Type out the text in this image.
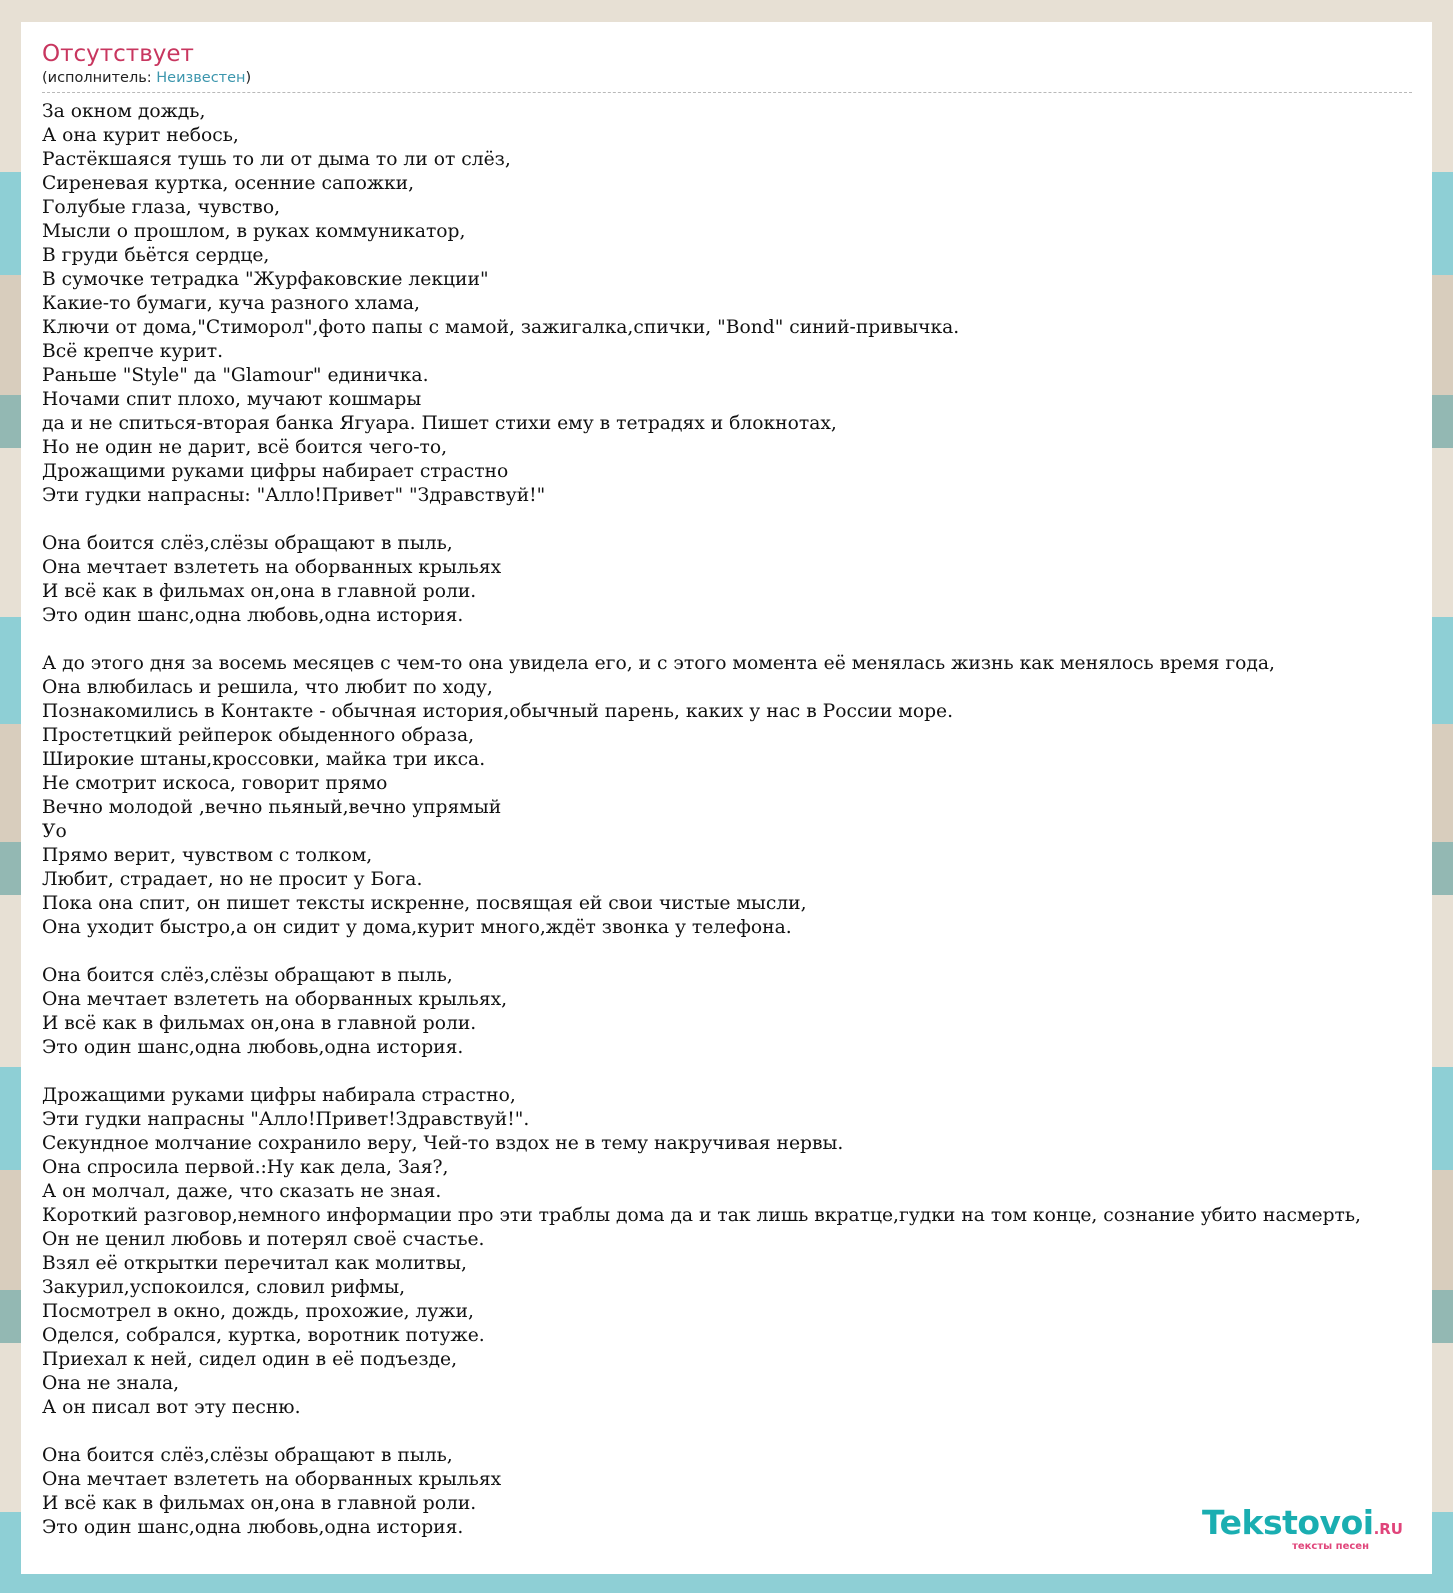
Отсутствует
(исполнитель: Неизвестен)
За окном дождь,
А она курит небось,
Растёкшаяся тушь то ли от дыма то ли от слёз,
Сиреневая куртка, осенние сапожки,
Голубые глаза, чувство,
Мысли о прошлом, в руках коммуникатор,
В груди бьётся сердце,
В сумочке тетрадка "Журфаковские лекции"
Какие-то бумаги, куча разного хлама,
Ключи от дома,"Стиморол",фото папы с мамой, зажигалка,спички, "Bond" синий-привычка.
Всё крепче курит.
Раньше "Style" да "Glamour" единичка.
Ночами спит плохо, мучают кошмары
да и не спиться-вторая банка Ягуара. Пишет стихи ему в тетрадях и блокнотах,
Но не один не дарит, всё боится чего-то,
Дрожащими руками цифры набирает страстно
Эти гудки напрасны: "Алло!Привет" "Здравствуй!"

Она боится слёз,слёзы обращают в пыль,
Она мечтает взлететь на оборванных крыльях
И всё как в фильмах он,она в главной роли.
Это один шанс,одна любовь,одна история.

А до этого дня за восемь месяцев с чем-то она увидела его, и с этого момента её менялась жизнь как менялось время года,
Она влюбилась и решила, что любит по ходу,
Познакомились в Контакте - обычная история,обычный парень, каких у нас в России море.
Простетцкий рейперок обыденного образа,
Широкие штаны,кроссовки, майка три икса.
Не смотрит искоса, говорит прямо
Вечно молодой ,вечно пьяный,вечно упрямый
Уо
Прямо верит, чувством с толком,
Любит, страдает, но не просит у Бога.
Пока она спит, он пишет тексты искренне, посвящая ей свои чистые мысли,
Она уходит быстро,а он сидит у дома,курит много,ждёт звонка у телефона.

Она боится слёз,слёзы обращают в пыль,
Она мечтает взлететь на оборванных крыльях,
И всё как в фильмах он,она в главной роли.
Это один шанс,одна любовь,одна история.

Дрожащими руками цифры набирала страстно,
Эти гудки напрасны "Алло!Привет!Здравствуй!".
Секундное молчание сохранило веру, Чей-то вздох не в тему накручивая нервы.
Она спросила первой.:Ну как дела, Зая?,
А он молчал, даже, что сказать не зная.
Короткий разговор,немного информации про эти траблы дома да и так лишь вкратце,гудки на том конце, сознание убито насмерть,
Он не ценил любовь и потерял своё счастье.
Взял её открытки перечитал как молитвы,
Закурил,успокоился, словил рифмы,
Посмотрел в окно, дождь, прохожие, лужи,
Оделся, собрался, куртка, воротник потуже.
Приехал к ней, сидел один в её подъезде,
Она не знала,
А он писал вот эту песню.

Она боится слёз,слёзы обращают в пыль,
Она мечтает взлететь на оборванных крыльях
И всё как в фильмах он,она в главной роли.
Это один шанс,одна любовь,одна история.	Tekstovoi.RU
тексты песен
